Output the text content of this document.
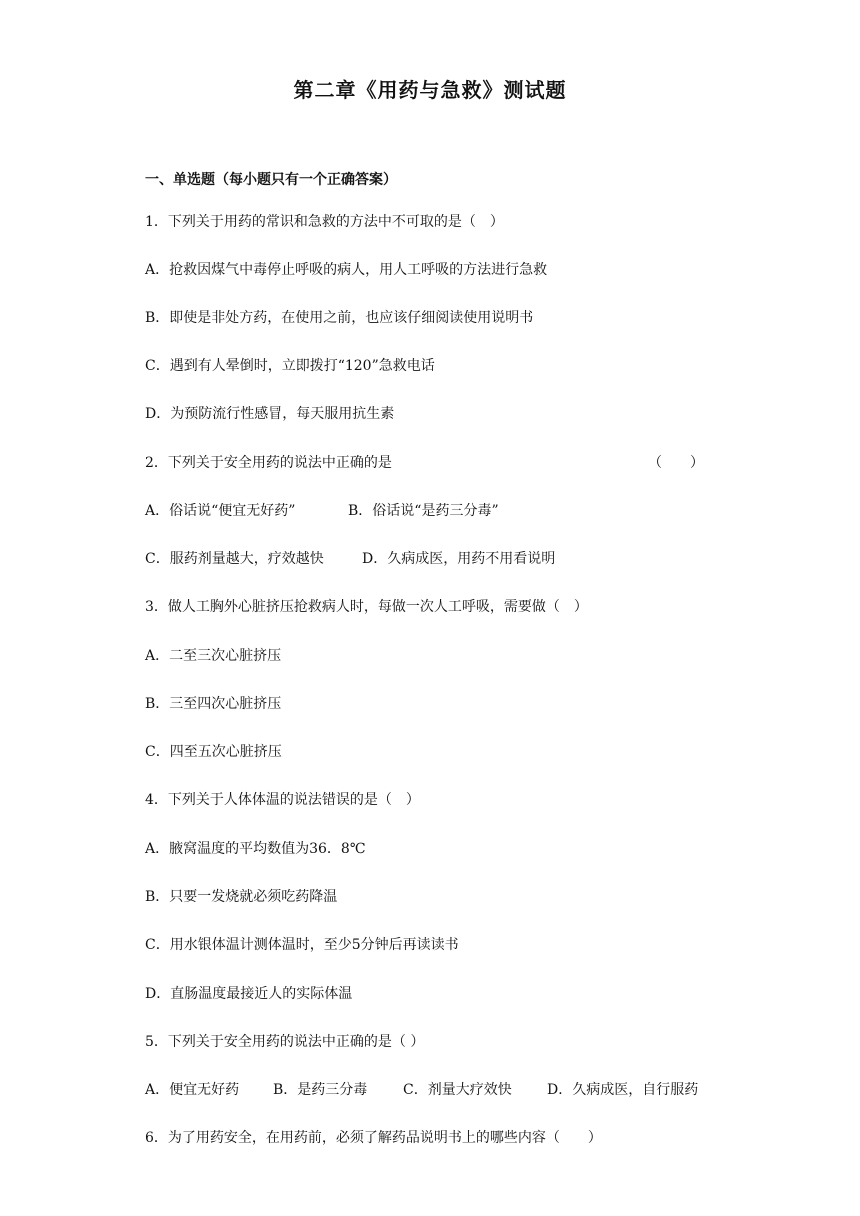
第二章《用药与急救》测试题
一、单选题（每小题只有一个正确答案）
1．下列关于用药的常识和急救的方法中不可取的是（　）
A．抢救因煤气中毒停止呼吸的病人，用人工呼吸的方法进行急救
B．即使是非处方药，在使用之前，也应该仔细阅读使用说明书
C．遇到有人晕倒时，立即拨打“120”急救电话
D．为预防流行性感冒，每天服用抗生素
2．下列关于安全用药的说法中正确的是	（　　）
A．俗话说“便宜无好药”	B．俗话说“是药三分毒”
C．服药剂量越大，疗效越快	D．久病成医，用药不用看说明
3．做人工胸外心脏挤压抢救病人时，每做一次人工呼吸，需要做（　）
A．二至三次心脏挤压
B．三至四次心脏挤压
C．四至五次心脏挤压
4．下列关于人体体温的说法错误的是（　）
A．腋窝温度的平均数值为36．8℃
B．只要一发烧就必须吃药降温
C．用水银体温计测体温时，至少5分钟后再读读书
D．直肠温度最接近人的实际体温
5．下列关于安全用药的说法中正确的是（ ）
A．便宜无好药 B．是药三分毒	C．剂量大疗效快	D．久病成医，自行服药
6．为了用药安全，在用药前，必须了解药品说明书上的哪些内容（　　）
